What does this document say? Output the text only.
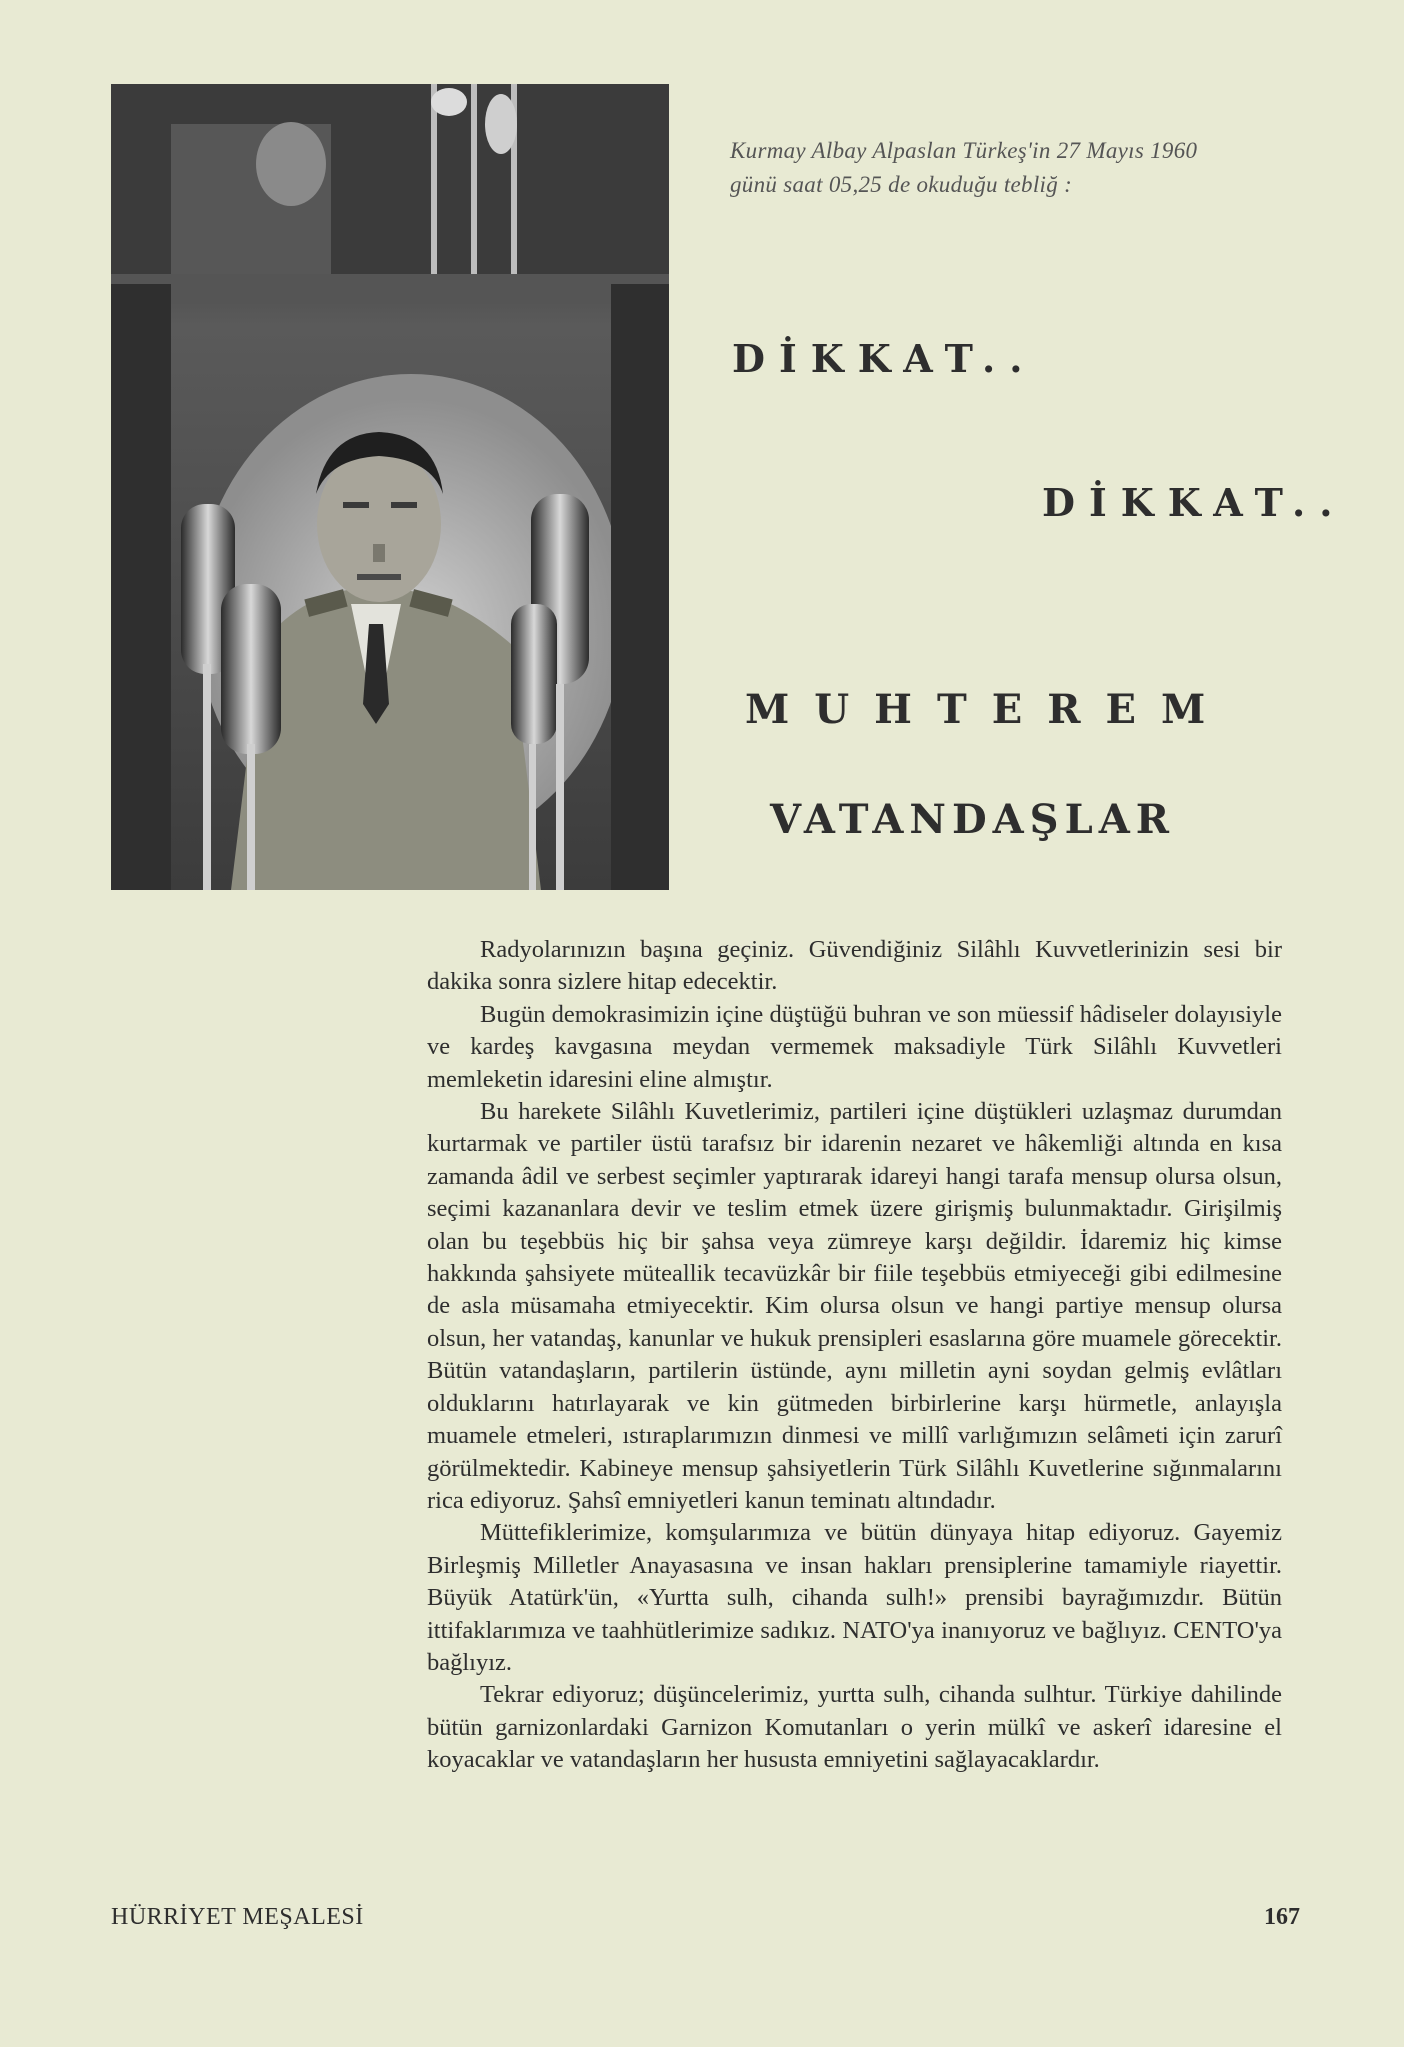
Kurmay Albay Alpaslan Türkeş'in 27 Mayıs 1960
günü saat 05,25 de okuduğu tebliğ :
DİKKAT..
DİKKAT..
MUHTEREM
VATANDAŞLAR

Radyolarınızın başına geçiniz. Güvendiğiniz Silâhlı Kuvvetlerinizin sesi bir dakika sonra sizlere hitap edecektir.

Bugün demokrasimizin içine düştüğü buhran ve son müessif hâdiseler dolayısiyle ve kardeş kavgasına meydan vermemek maksadiyle Türk Silâhlı Kuvvetleri memleketin idaresini eline almıştır.

Bu harekete Silâhlı Kuvetlerimiz, partileri içine düştükleri uzlaşmaz durumdan kurtarmak ve partiler üstü tarafsız bir idarenin nezaret ve hâkemliği altında en kısa zamanda âdil ve serbest seçimler yaptırarak idareyi hangi tarafa mensup olursa olsun, seçimi kazananlara devir ve teslim etmek üzere girişmiş bulunmaktadır. Girişilmiş olan bu teşebbüs hiç bir şahsa veya zümreye karşı değildir. İdaremiz hiç kimse hakkında şahsiyete müteallik tecavüzkâr bir fiile teşebbüs etmiyeceği gibi edilmesine de asla müsamaha etmiyecektir. Kim olursa olsun ve hangi partiye mensup olursa olsun, her vatandaş, kanunlar ve hukuk prensipleri esaslarına göre muamele görecektir. Bütün vatandaşların, partilerin üstünde, aynı milletin ayni soydan gelmiş evlâtları olduklarını hatırlayarak ve kin gütmeden birbirlerine karşı hürmetle, anlayışla muamele etmeleri, ıstıraplarımızın dinmesi ve millî varlığımızın selâmeti için zarurî görülmektedir. Kabineye mensup şahsiyetlerin Türk Silâhlı Kuvetlerine sığınmalarını rica ediyoruz. Şahsî emniyetleri kanun teminatı altındadır.

Müttefiklerimize, komşularımıza ve bütün dünyaya hitap ediyoruz. Gayemiz Birleşmiş Milletler Anayasasına ve insan hakları prensiplerine tamamiyle riayettir. Büyük Atatürk'ün, «Yurtta sulh, cihanda sulh!» prensibi bayrağımızdır. Bütün ittifaklarımıza ve taahhütlerimize sadıkız. NATO'ya inanıyoruz ve bağlıyız. CENTO'ya bağlıyız.

Tekrar ediyoruz; düşüncelerimiz, yurtta sulh, cihanda sulhtur. Türkiye dahilinde bütün garnizonlardaki Garnizon Komutanları o yerin mülkî ve askerî idaresine el koyacaklar ve vatandaşların her hususta emniyetini sağlayacaklardır.

HÜRRİYET MEŞALESİ	167
